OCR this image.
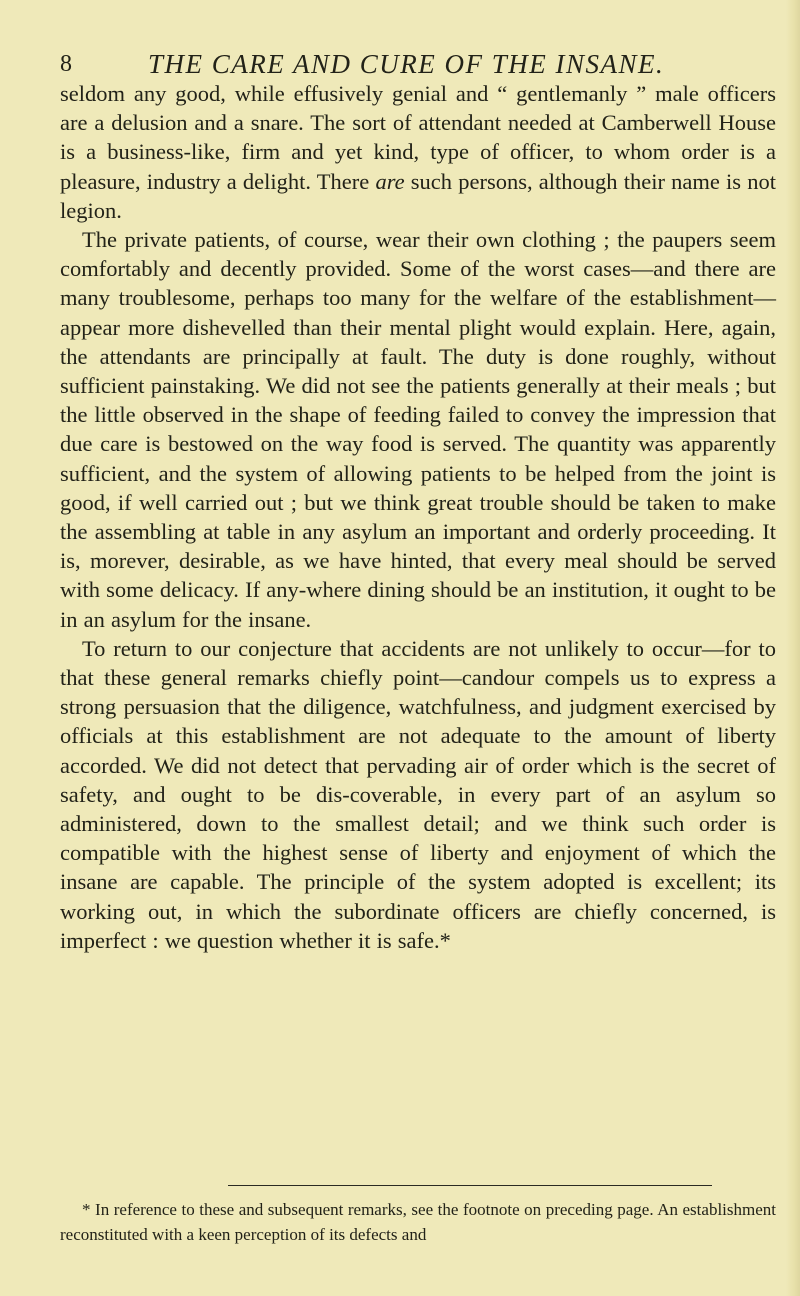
8	THE CARE AND CURE OF THE INSANE.

seldom any good, while effusively genial and “ gentlemanly ” male officers are a delusion and a snare. The sort of attendant needed at Camberwell House is a business-like, firm and yet kind, type of officer, to whom order is a pleasure, industry a delight. There are such persons, although their name is not legion.

The private patients, of course, wear their own clothing ; the paupers seem comfortably and decently provided. Some of the worst cases—and there are many troublesome, perhaps too many for the welfare of the establishment—appear more dishevelled than their mental plight would explain. Here, again, the attendants are principally at fault. The duty is done roughly, without sufficient painstaking. We did not see the patients generally at their meals ; but the little observed in the shape of feeding failed to convey the impression that due care is bestowed on the way food is served. The quantity was apparently sufficient, and the system of allowing patients to be helped from the joint is good, if well carried out ; but we think great trouble should be taken to make the assembling at table in any asylum an important and orderly proceeding. It is, morever, desirable, as we have hinted, that every meal should be served with some delicacy. If any-where dining should be an institution, it ought to be in an asylum for the insane.

To return to our conjecture that accidents are not unlikely to occur—for to that these general remarks chiefly point—candour compels us to express a strong persuasion that the diligence, watchfulness, and judgment exercised by officials at this establishment are not adequate to the amount of liberty accorded. We did not detect that pervading air of order which is the secret of safety, and ought to be dis-coverable, in every part of an asylum so administered, down to the smallest detail; and we think such order is compatible with the highest sense of liberty and enjoyment of which the insane are capable. The principle of the system adopted is excellent; its working out, in which the subordinate officers are chiefly concerned, is imperfect : we question whether it is safe.*

* In reference to these and subsequent remarks, see the footnote on preceding page. An establishment reconstituted with a keen perception of its defects and
